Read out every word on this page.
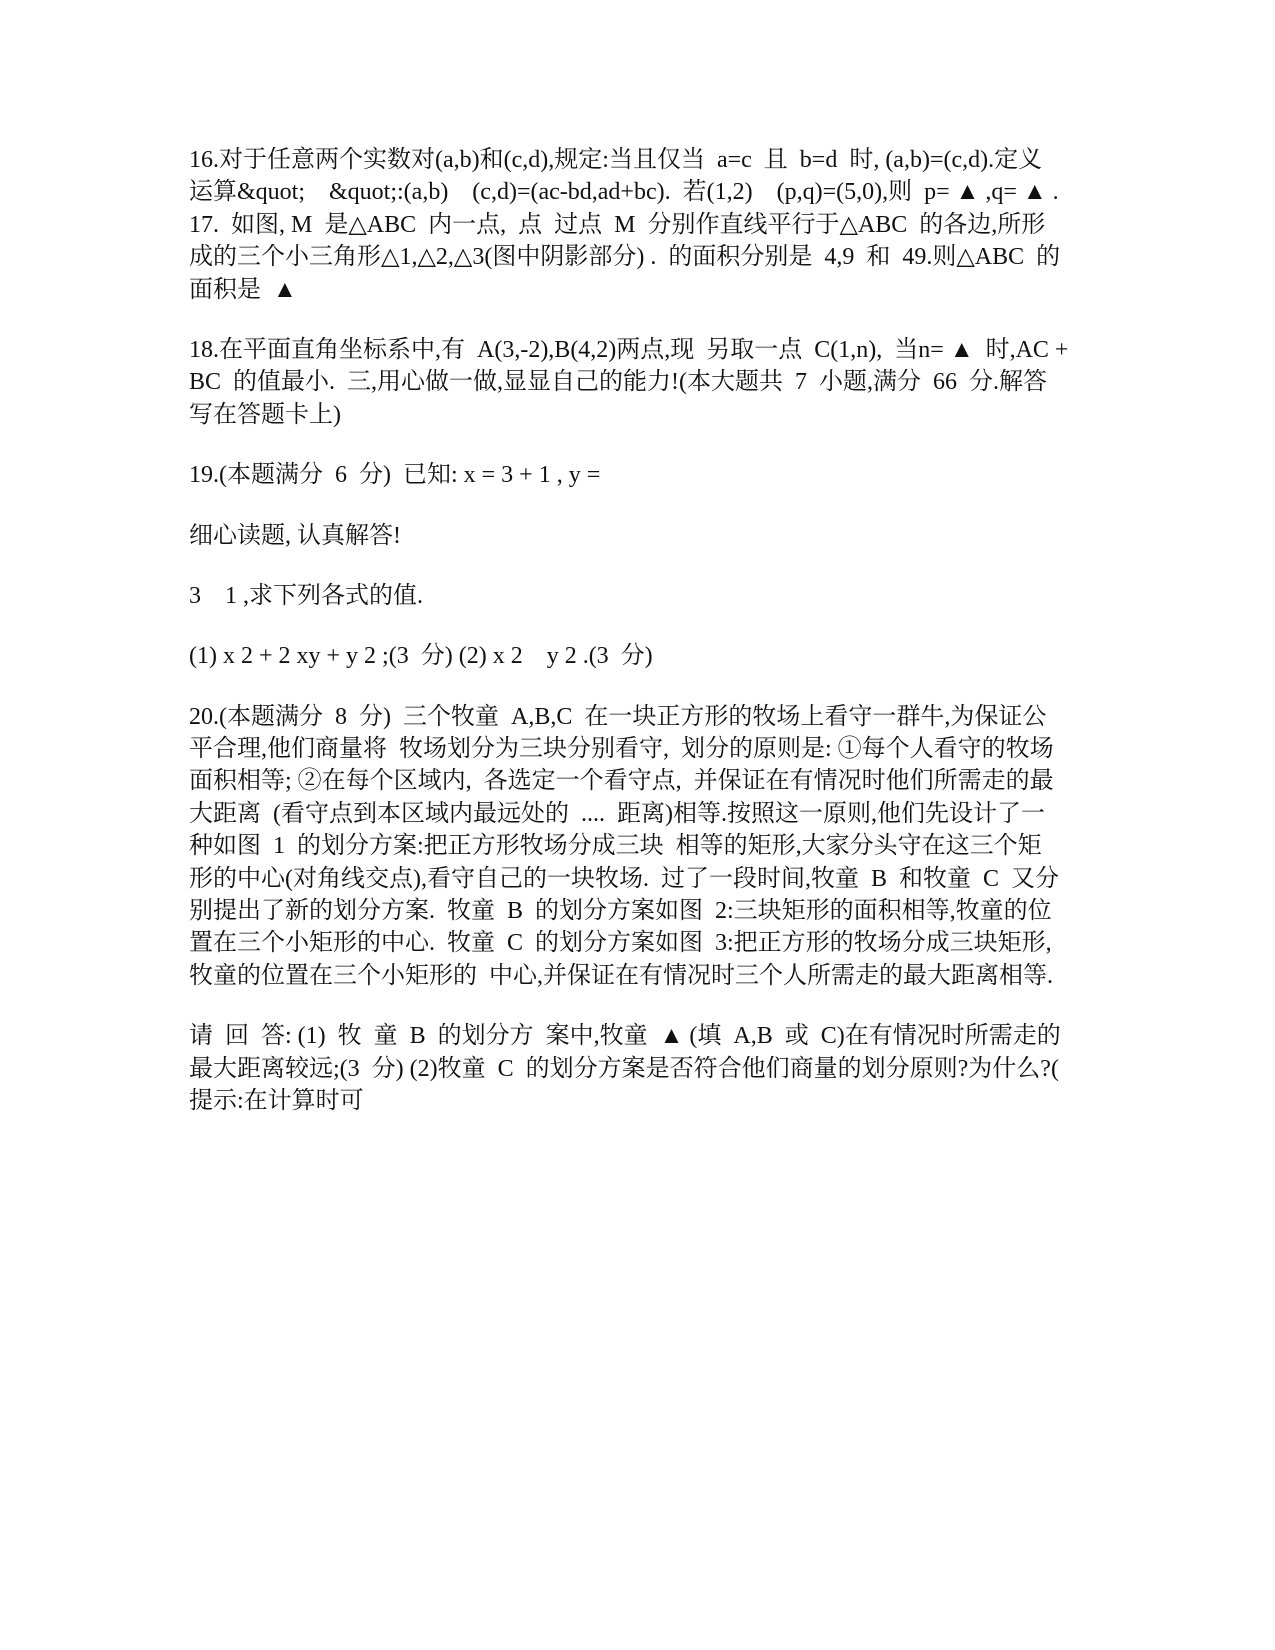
16.对于任意两个实数对(a,b)和(c,d),规定:当且仅当  a=c  且  b=d  时, (a,b)=(c,d).定义
运算&quot;    &quot;:(a,b)    (c,d)=(ac-bd,ad+bc).  若(1,2)    (p,q)=(5,0),则  p= ▲ ,q= ▲ .
17.  如图, M  是△ABC  内一点,  点  过点  M  分别作直线平行于△ABC  的各边,所形
成的三个小三角形△1,△2,△3(图中阴影部分) .  的面积分别是  4,9  和  49.则△ABC  的
面积是  ▲
18.在平面直角坐标系中,有  A(3,-2),B(4,2)两点,现  另取一点  C(1,n),  当n= ▲  时,AC +
BC  的值最小.  三,用心做一做,显显自己的能力!(本大题共  7  小题,满分  66  分.解答
写在答题卡上)
19.(本题满分  6  分)  已知: x = 3 + 1 , y =
细心读题, 认真解答!
3    1 ,求下列各式的值.
(1) x 2 + 2 xy + y 2 ;(3  分) (2) x 2    y 2 .(3  分)
20.(本题满分  8  分)  三个牧童  A,B,C  在一块正方形的牧场上看守一群牛,为保证公
平合理,他们商量将  牧场划分为三块分别看守,  划分的原则是: ①每个人看守的牧场
面积相等; ②在每个区域内,  各选定一个看守点,  并保证在有情况时他们所需走的最
大距离  (看守点到本区域内最远处的  ....  距离)相等.按照这一原则,他们先设计了一
种如图  1  的划分方案:把正方形牧场分成三块  相等的矩形,大家分头守在这三个矩
形的中心(对角线交点),看守自己的一块牧场.  过了一段时间,牧童  B  和牧童  C  又分
别提出了新的划分方案.  牧童  B  的划分方案如图  2:三块矩形的面积相等,牧童的位
置在三个小矩形的中心.  牧童  C  的划分方案如图  3:把正方形的牧场分成三块矩形,
牧童的位置在三个小矩形的  中心,并保证在有情况时三个人所需走的最大距离相等.
请  回  答: (1)  牧  童  B  的划分方  案中,牧童  ▲ (填  A,B  或  C)在有情况时所需走的
最大距离较远;(3  分) (2)牧童  C  的划分方案是否符合他们商量的划分原则?为什么?(
提示:在计算时可
